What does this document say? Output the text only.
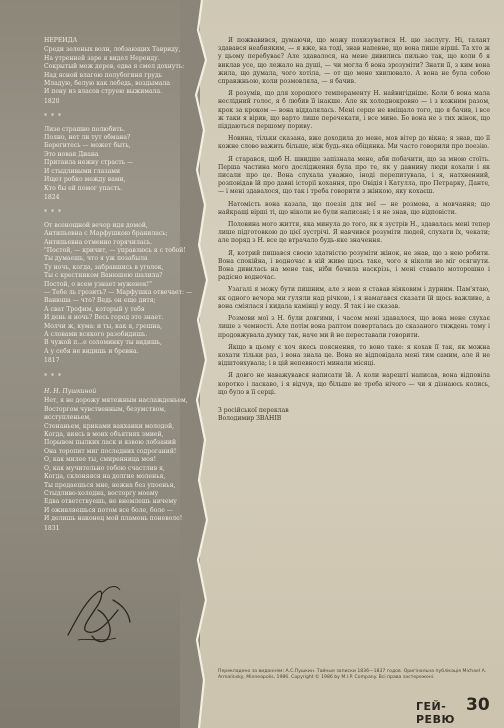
НЕРЕИДА

Среди зеленых волн, лобзающих Тавриду,
На утренней заре я видел Нереиду.
Сокрытый меж дерев, едва я смел дохнуть:
Над ясной влагою полубогиня грудь
Младую, белую как лебедь, воздымала
И пену из власов струею выжимала.

1820

* * *

Лизе страшно полюбить.
Полно, нет ли тут обмана?
Берегитесь — может быть,
Это новая Диана
Притаила нежну страсть —
И стыдливыми глазами
Ищет робко между вами,
Кто бы ей помог упасть.

1824

* * *

От всенощной вечор идя домой,
Антипьевна с Марфушкою бранилась;
Антипьевна отменно горячилась.
"Постой, — кричит, — управлюсь я с тобой!
Ты думаешь, что я уж позабыла
Ту ночь, когда, забравшись в уголок,
Ты с крестником Ванюшею шалила?
Постой, о всем узнает муженек!"
— Тебе ль грозить? — Марфушка отвечает: —
Ванюша — что? Ведь он еще дитя;
А сват Трофим, который у тебя
И день и ночь? Весь город это знает.
Молчи ж, кума: и ты, как я, грешна,
А словами всякого разобидишь.
В чужой п...е соломинку ты видишь,
А у себя не видишь и бревна.

1817

* * *

Н. Н. Пушкиной

Нет, я не дорожу мятежным наслажденьем,
Восторгом чувственным, безумством, исступленьем,
Стенаньем, криками вакханки молодой,
Когда, виясь в моих объятиях змией,
Порывом пылких ласк и язвою лобзаний
Она торопит миг последних содроганий!
О, как милее ты, смиренница моя!
О, как мучительно тобою счастлив я,
Когда, склоняяся на долгие моленья,
Ты предаешься мне, нежна без упоенья,
Стыдливо-холодна, восторгу моему
Едва ответствуешь, не внемлешь ничему
И оживляешься потом все боле, боле —
И делишь наконец мой пламень поневоле!

1831

Я пожвавився, думаючи, що можу похизуватися Н. цю заслугу. Ні, талант здавався неабияким, — я вже, на тоді, знав напевне, що вона пише вірші. Та хто ж у цьому перебуває? Але здавалося, на мене дивились пильно так, що коли б я виклав усе, що лежало на душі, — чи могла б вона зрозуміти? Знати її, з ким вона жила, що думала, чого хотіла, — от що мене хвилювало. А вона не була собою справжньою, коли розмовляла, — я бачив.

Я розумів, що для хорошого темпераменту Н. найвигідніше. Коли б вона мала неслідний голос, я б любив її інакше. Але як холоднокровно — і з кожним разом, крок за кроком — вона віддалялась. Мені серце не вміщало того, що я бачив, і все ж таки я вірив, що варто лише перечекати, і все мине. Бо вона не з тих жінок, що піддаються першому пориву.

Новина, тільки сказана, вже доходила до мене, мов вітер до вікна; я знав, що її кожне слово важить більше, ніж будь-яка обіцянка. Ми часто говорили про поезію.

Я старався, щоб Н. швидше запізнала мене, аби побачити, що за мною стоїть. Перша частина мого дослідження була про те, як у давнину люди кохали і як писали про це. Вона слухала уважно, іноді перепитувала, і я, натхненний, розповідав їй про давні історії кохання, про Овідія і Катулла, про Петрарку, Данте, — і мені здавалося, що так і треба говорити з жінкою, яку кохаєш.

Натомість вона казала, що поезія для неї — не розмова, а мовчання; що найкращі вірші ті, що ніколи не були написані; і я не знав, що відповісти.

Половина мого життя, яка минула до того, як я зустрів Н., здавалась мені тепер лише підготовкою до цієї зустрічі. Я навчився розуміти людей, слухати їх, чекати; але поряд з Н. все це втрачало будь-яке значення.

Я, котрий пишався своєю здатністю розуміти жінок, не знав, що з нею робити. Вона спокійна, і водночас в ній живе щось таке, чого я ніколи не міг осягнути. Вона дивилась на мене так, ніби бачила наскрізь, і мені ставало моторошно і радісно водночас.

Узагалі я можу бути пишним, але з нею я ставав ніяковим і дурним. Пам'ятаю, як одного вечора ми гуляли над річкою, і я намагався сказати їй щось важливе, а вона сміялася і кидала камінці у воду. Я так і не сказав.

Розмови мої з Н. були довгими, і часом мені здавалося, що вона мене слухає лише з чемності. Але потім вона раптом поверталась до сказаного тиждень тому і продовжувала думку так, наче ми й не переставали говорити.

Якщо в цьому є хоч якесь пояснення, то воно таке: я кохав її так, як можна кохати тільки раз, і вона знала це. Вона не відповідала мені тим самим, але й не відштовхувала; і в цій непевності минали місяці.

Я довго не наважувався написати їй. А коли нарешті написав, вона відповіла коротко і ласкаво, і я відчув, що більше не треба нічого — чи я дізнаюсь колись, що було в її серці.

З російської переклав
Володимир ЗВАНІВ
Перекладено за виданням: А.С.Пушкин. Тайные записки 1836—1837 годов. Оригінальна публікація Michael A. Armalinsky, Minneapolis, 1986. Copyright © 1986 by M.I.P. Company. Всі права застережені.
ГЕЙ-РЕВЮ
30
